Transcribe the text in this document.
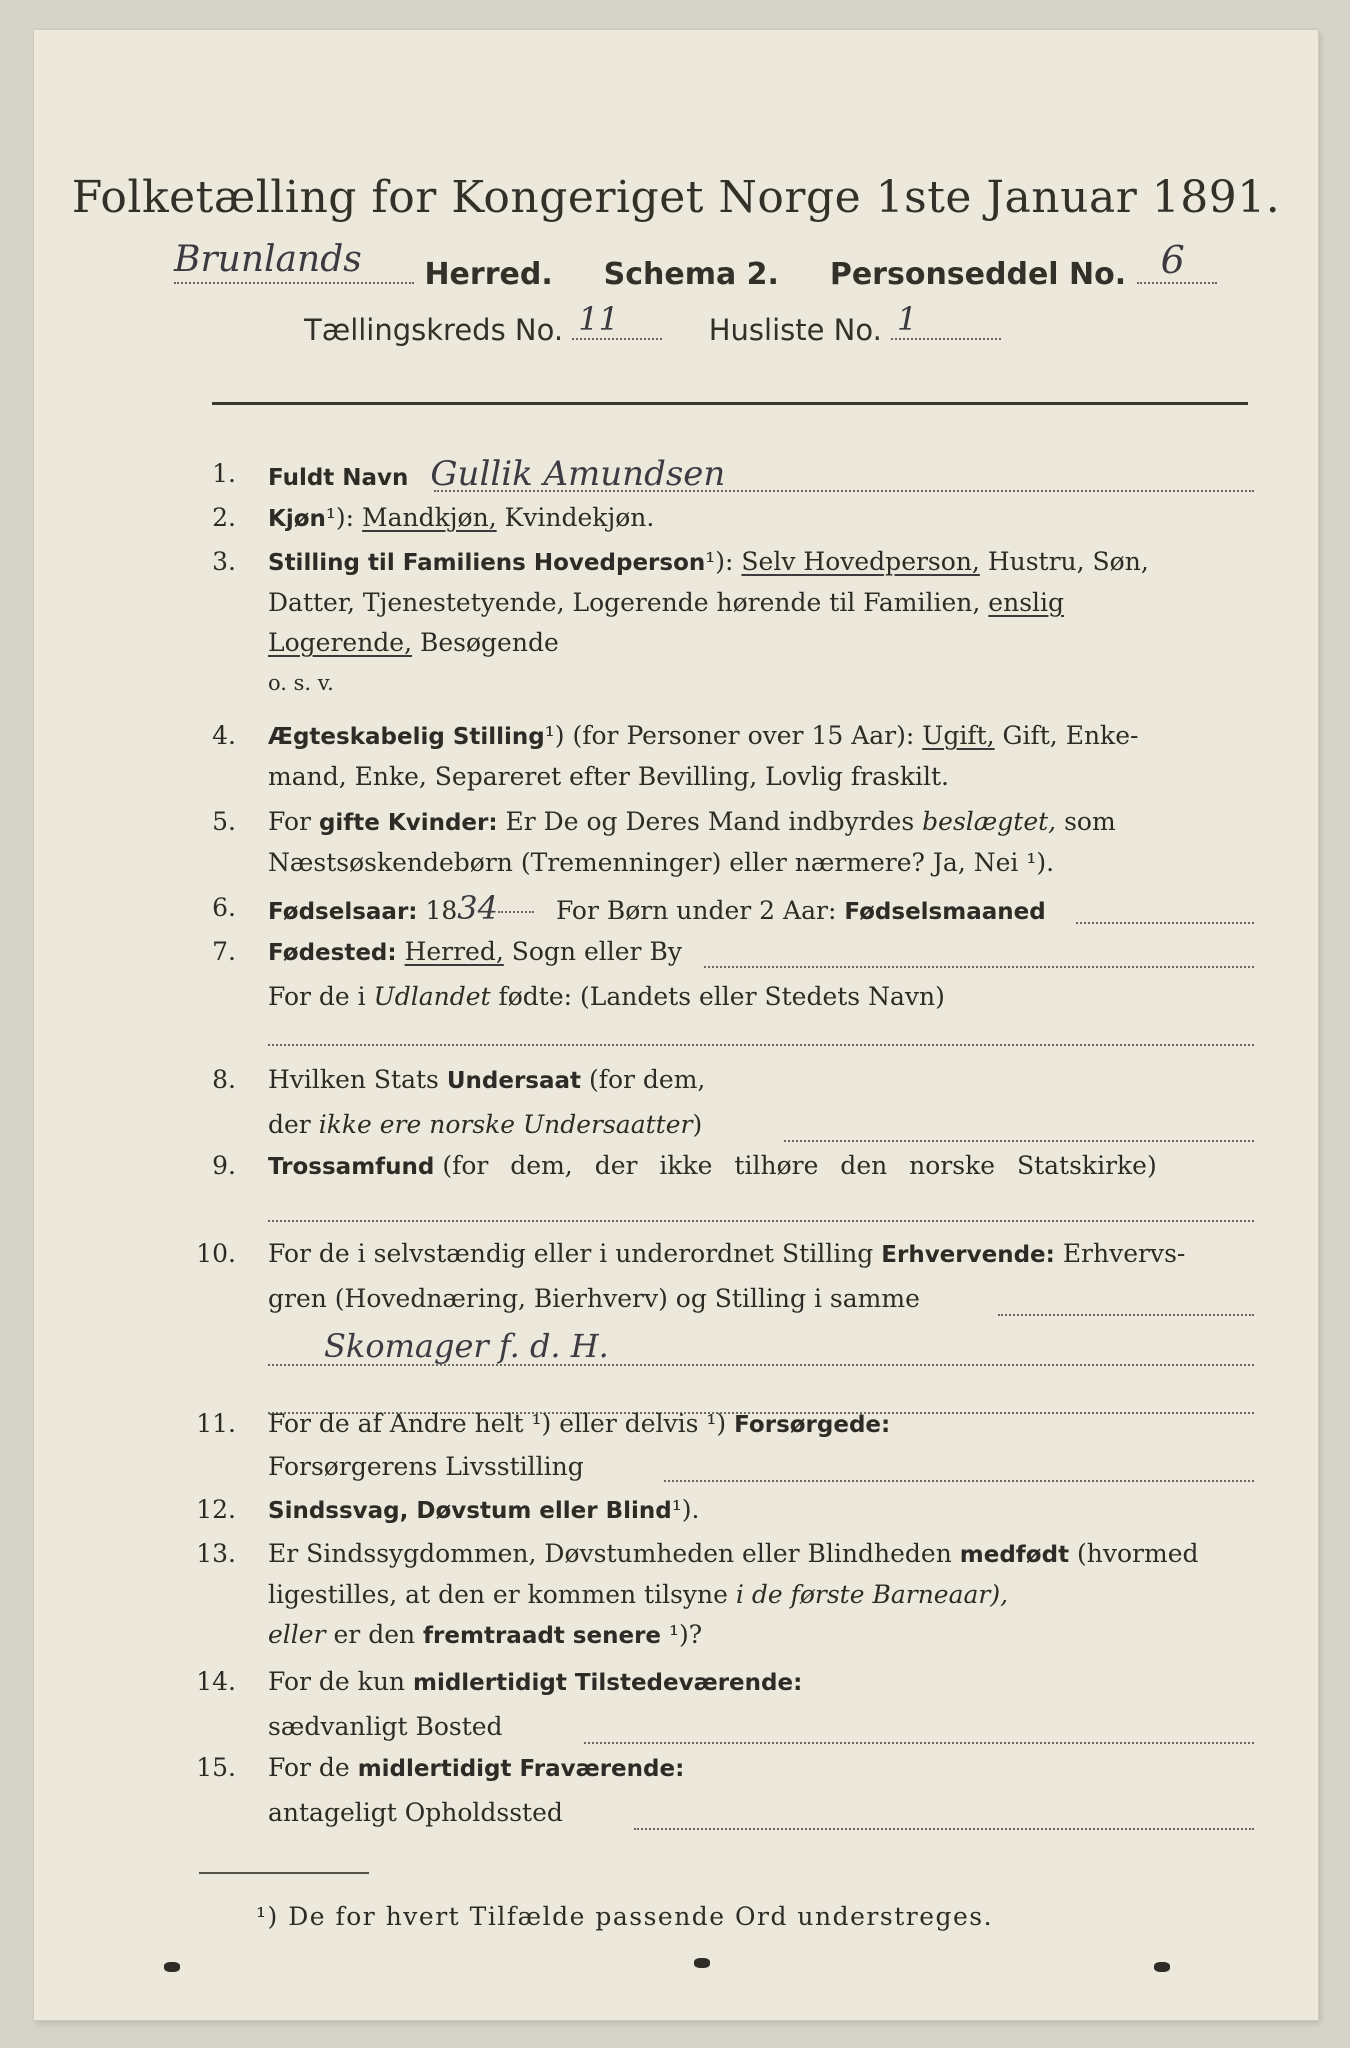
Folketælling for Kongeriget Norge 1ste Januar 1891.
Brunlands Herred. Schema 2. Personseddel No. 6
Tællingskreds No. 11	Husliste No. 1
1. Fuldt Navn Gullik Amundsen
2. Kjøn¹): Mandkjøn, Kvindekjøn.
3. Stilling til Familiens Hovedperson¹): Selv Hovedperson, Hustru, Søn,
Datter, Tjenestetyende, Logerende hørende til Familien, enslig
Logerende, Besøgende
o. s. v.
4. Ægteskabelig Stilling¹) (for Personer over 15 Aar): Ugift, Gift, Enke-
mand, Enke, Separeret efter Bevilling, Lovlig fraskilt.
5. For gifte Kvinder: Er De og Deres Mand indbyrdes beslægtet, som
Næstsøskendebørn (Tremenninger) eller nærmere? Ja, Nei ¹).
6. Fødselsaar: 1834 For Børn under 2 Aar: Fødselsmaaned
7. Fødested: Herred, Sogn eller By
For de i Udlandet fødte: (Landets eller Stedets Navn)
8. Hvilken Stats Undersaat (for dem,
der ikke ere norske Undersaatter)
9. Trossamfund (for dem, der ikke tilhøre den norske Statskirke)
10. For de i selvstændig eller i underordnet Stilling Erhvervende: Erhvervs-
gren (Hovednæring, Bierhverv) og Stilling i samme
Skomager f. d. H.
11. For de af Andre helt ¹) eller delvis ¹) Forsørgede:
Forsørgerens Livsstilling
12. Sindssvag, Døvstum eller Blind¹).
13. Er Sindssygdommen, Døvstumheden eller Blindheden medfødt (hvormed
ligestilles, at den er kommen tilsyne i de første Barneaar),
eller er den fremtraadt senere ¹)?
14. For de kun midlertidigt Tilstedeværende:
sædvanligt Bosted
15. For de midlertidigt Fraværende:
antageligt Opholdssted
¹) De for hvert Tilfælde passende Ord understreges.
